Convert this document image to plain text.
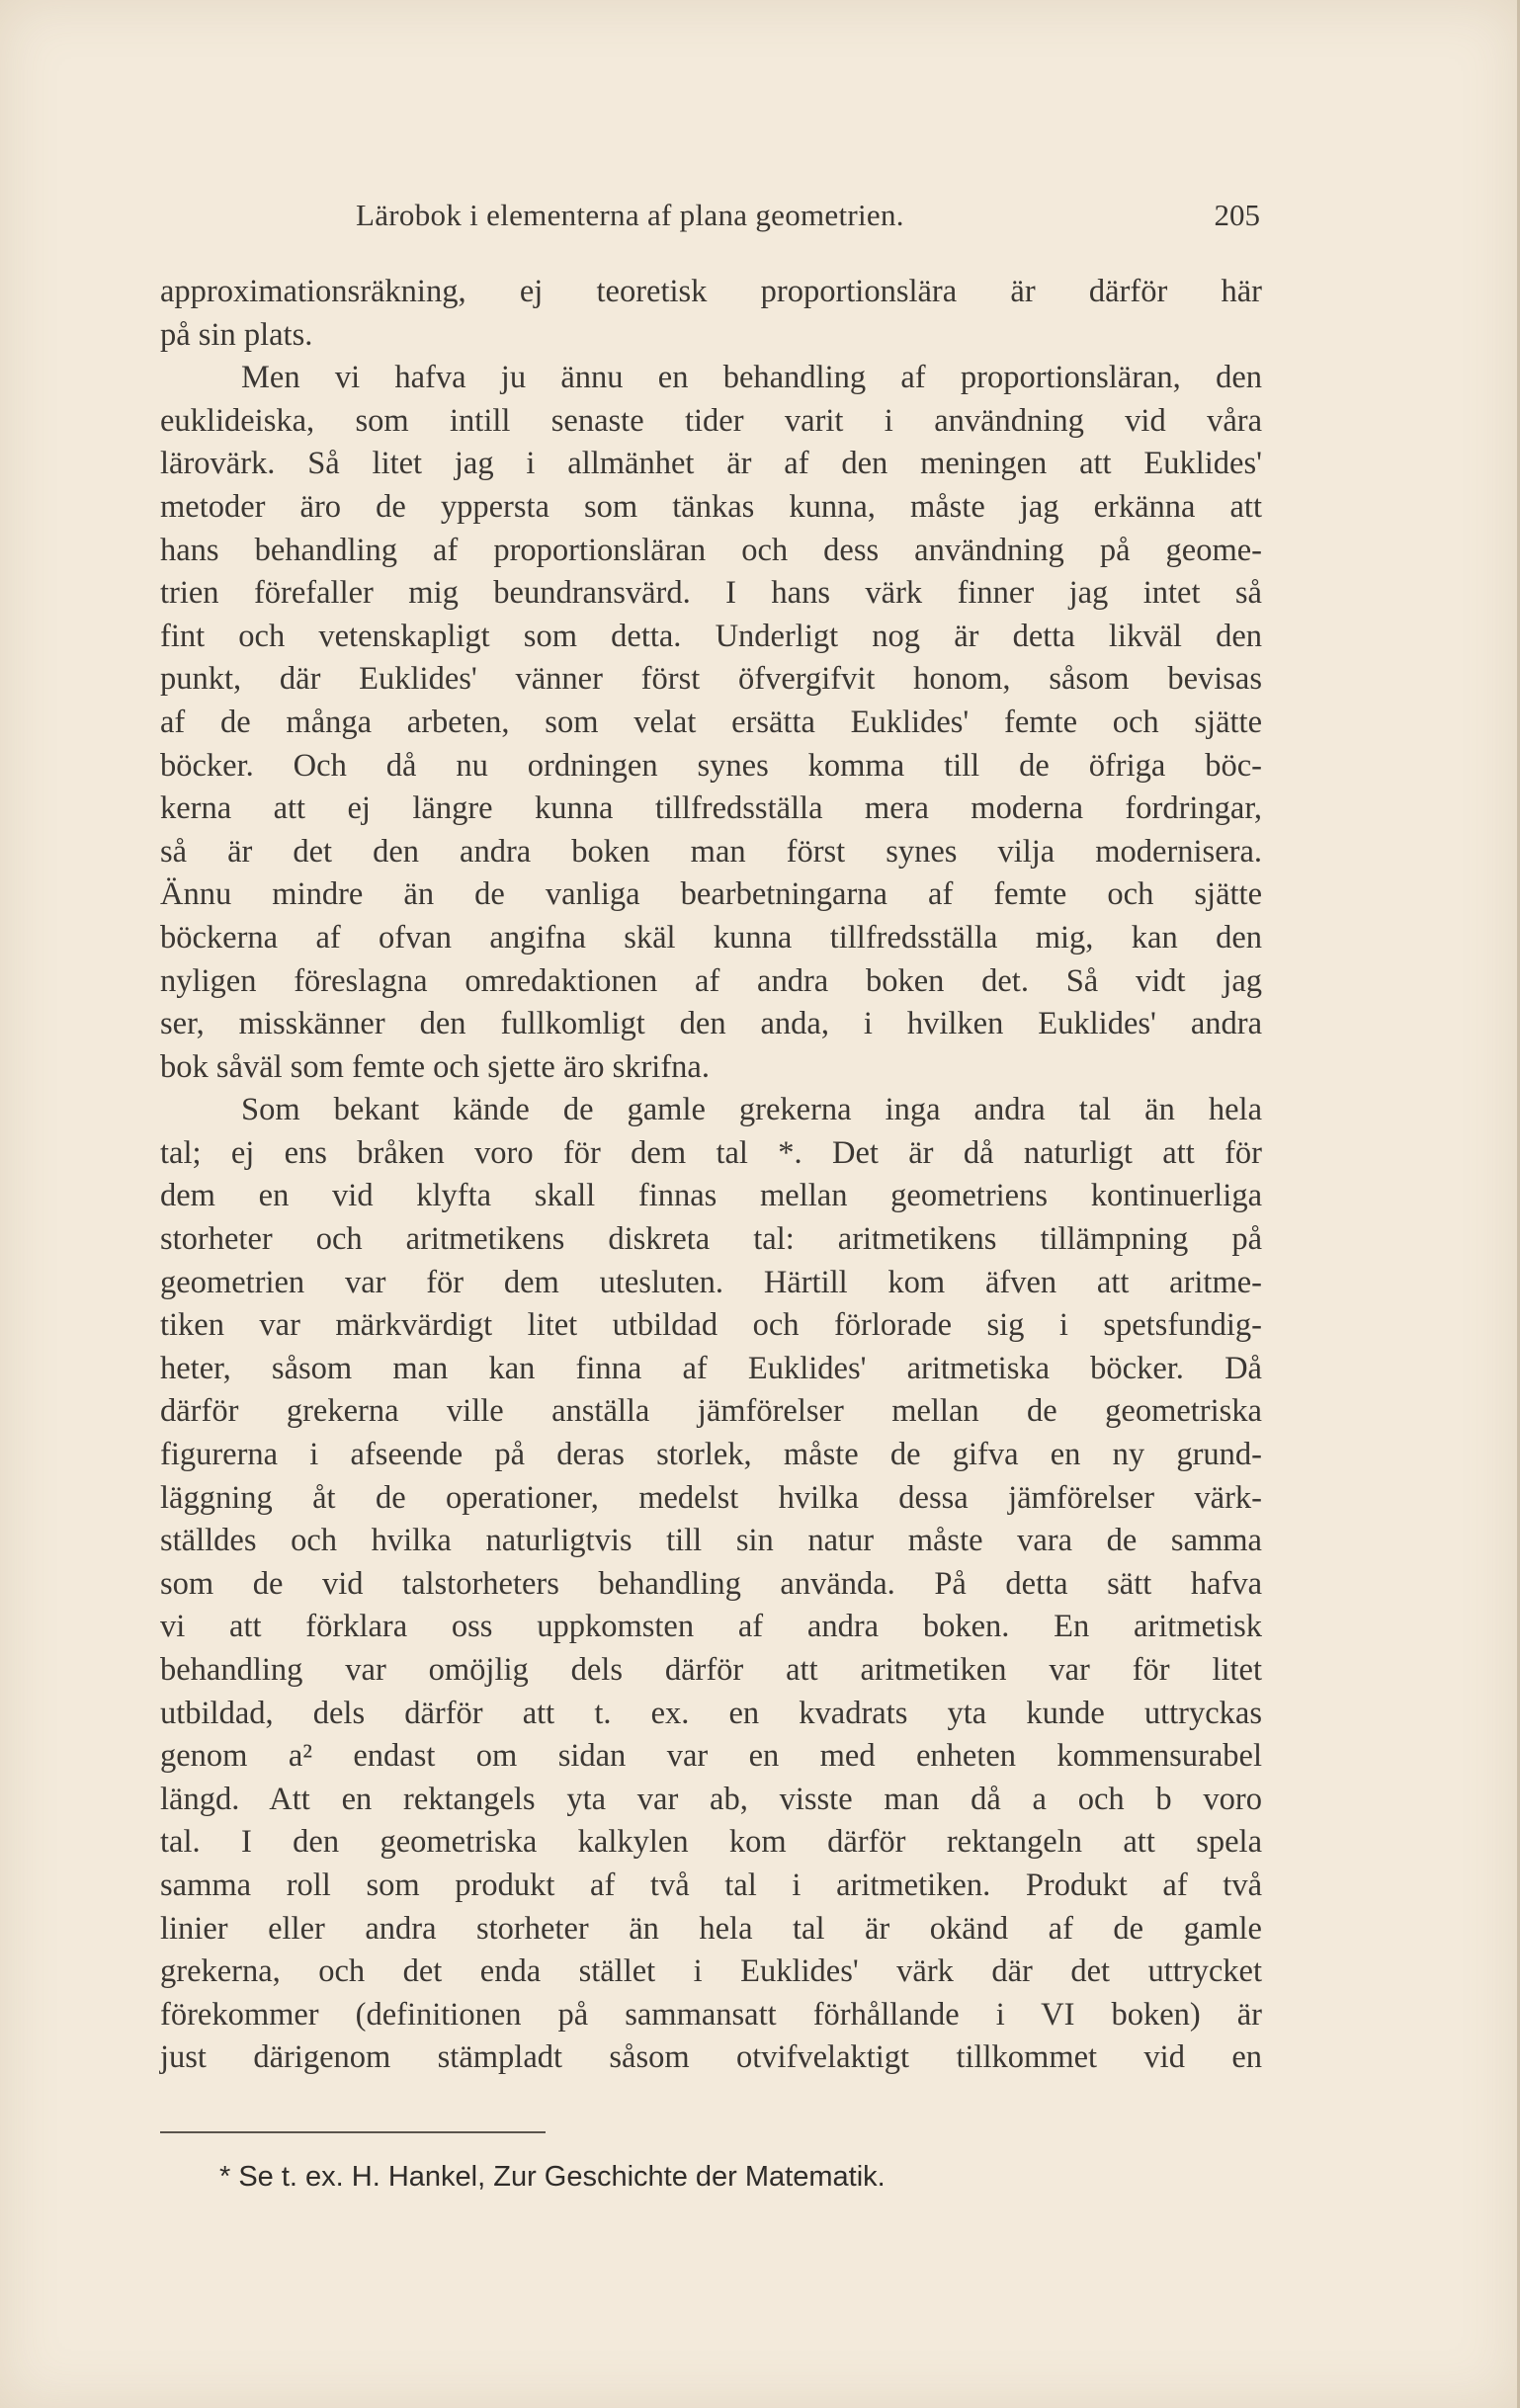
Lärobok i elementerna af plana geometrien.	205

approximationsräkning, ej teoretisk proportionslära är därför här

på sin plats.

Men vi hafva ju ännu en behandling af proportionsläran, den

euklideiska, som intill senaste tider varit i användning vid våra

lärovärk. Så litet jag i allmänhet är af den meningen att Euklides'

metoder äro de yppersta som tänkas kunna, måste jag erkänna att

hans behandling af proportionsläran och dess användning på geome-

trien förefaller mig beundransvärd. I hans värk finner jag intet så

fint och vetenskapligt som detta. Underligt nog är detta likväl den

punkt, där Euklides' vänner först öfvergifvit honom, såsom bevisas

af de många arbeten, som velat ersätta Euklides' femte och sjätte

böcker. Och då nu ordningen synes komma till de öfriga böc-

kerna att ej längre kunna tillfredsställa mera moderna fordringar,

så är det den andra boken man först synes vilja modernisera.

Ännu mindre än de vanliga bearbetningarna af femte och sjätte

böckerna af ofvan angifna skäl kunna tillfredsställa mig, kan den

nyligen föreslagna omredaktionen af andra boken det. Så vidt jag

ser, misskänner den fullkomligt den anda, i hvilken Euklides' andra

bok såväl som femte och sjette äro skrifna.

Som bekant kände de gamle grekerna inga andra tal än hela

tal; ej ens bråken voro för dem tal *. Det är då naturligt att för

dem en vid klyfta skall finnas mellan geometriens kontinuerliga

storheter och aritmetikens diskreta tal: aritmetikens tillämpning på

geometrien var för dem utesluten. Härtill kom äfven att aritme-

tiken var märkvärdigt litet utbildad och förlorade sig i spetsfundig-

heter, såsom man kan finna af Euklides' aritmetiska böcker. Då

därför grekerna ville anställa jämförelser mellan de geometriska

figurerna i afseende på deras storlek, måste de gifva en ny grund-

läggning åt de operationer, medelst hvilka dessa jämförelser värk-

ställdes och hvilka naturligtvis till sin natur måste vara de samma

som de vid talstorheters behandling använda. På detta sätt hafva

vi att förklara oss uppkomsten af andra boken. En aritmetisk

behandling var omöjlig dels därför att aritmetiken var för litet

utbildad, dels därför att t. ex. en kvadrats yta kunde uttryckas

genom a² endast om sidan var en med enheten kommensurabel

längd. Att en rektangels yta var ab, visste man då a och b voro

tal. I den geometriska kalkylen kom därför rektangeln att spela

samma roll som produkt af två tal i aritmetiken. Produkt af två

linier eller andra storheter än hela tal är okänd af de gamle

grekerna, och det enda stället i Euklides' värk där det uttrycket

förekommer (definitionen på sammansatt förhållande i VI boken) är

just därigenom stämpladt såsom otvifvelaktigt tillkommet vid en

* Se t. ex. H. Hankel, Zur Geschichte der Matematik.
